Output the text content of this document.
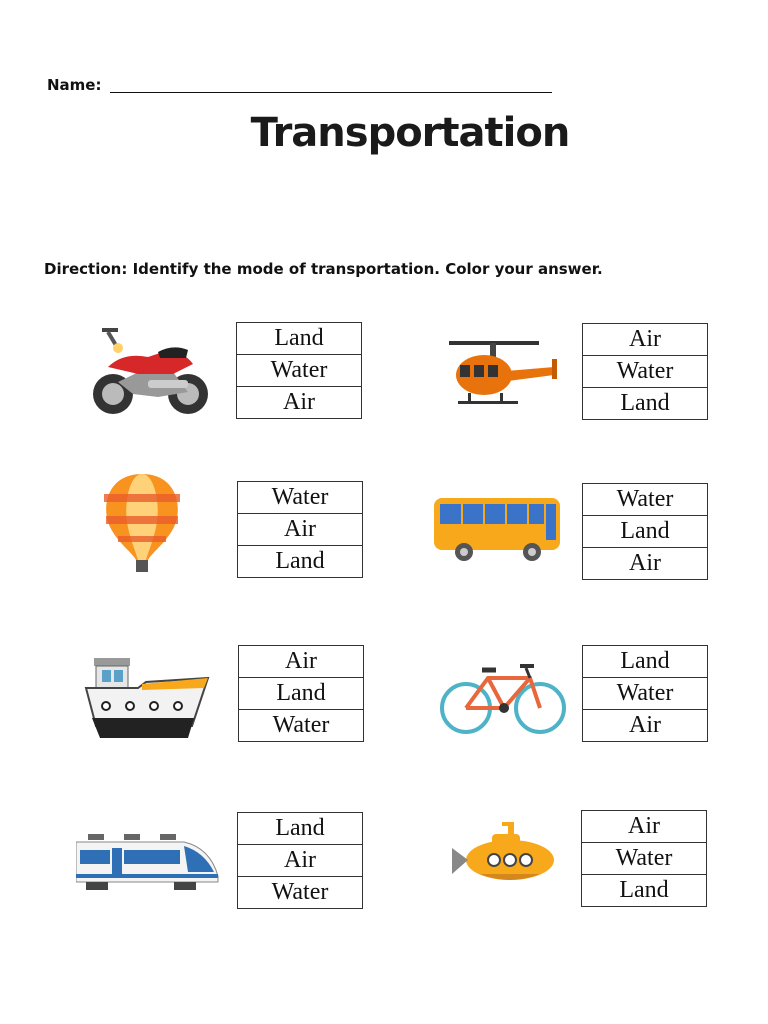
Name:
Transportation
Direction: Identify the mode of transportation. Color your answer.
Land
Water
Air
Air
Water
Land
Water
Air
Land
Water
Land
Air
Air
Land
Water
Land
Water
Air
Land
Air
Water
Air
Water
Land
